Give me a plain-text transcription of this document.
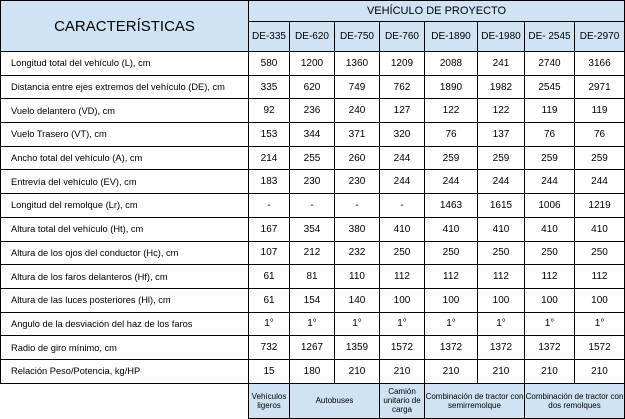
CARACTERÍSTICAS	VEHÍCULO DE PROYECTO							
	DE-335	DE-620	DE-750	DE-760	DE-1890	DE-1980	DE- 2545	DE-2970
Longitud total del vehículo (L), cm	580	1200	1360	1209	2088	241	2740	3166
Distancia entre ejes extremos del vehículo (DE), cm	335	620	749	762	1890	1982	2545	2971
Vuelo delantero (VD), cm	92	236	240	127	122	122	119	119
Vuelo Trasero (VT), cm	153	344	371	320	76	137	76	76
Ancho total del vehículo (A), cm	214	255	260	244	259	259	259	259
Entrevía del vehículo (EV), cm	183	230	230	244	244	244	244	244
Longitud del remolque (Lr), cm	-	-	-	-	1463	1615	1006	1219
Altura total del vehículo (Ht), cm	167	354	380	410	410	410	410	410
Altura de los ojos del conductor (Hc), cm	107	212	232	250	250	250	250	250
Altura de los faros delanteros (Hf), cm	61	81	110	112	112	112	112	112
Altura de las luces posteriores (Hl), cm	61	154	140	100	100	100	100	100
Angulo de la desviación del haz de los faros	1°	1°	1°	1°	1°	1°	1°	1°
Radio de giro mínimo, cm	732	1267	1359	1572	1372	1372	1372	1572
Relación Peso/Potencia, kg/HP	15	180	210	210	210	210	210	210
	Vehículos ligeros	Autobuses		Camión unitario de carga	Combinación de tractor con semirremolque		Combinación de tractor con dos remolques	
